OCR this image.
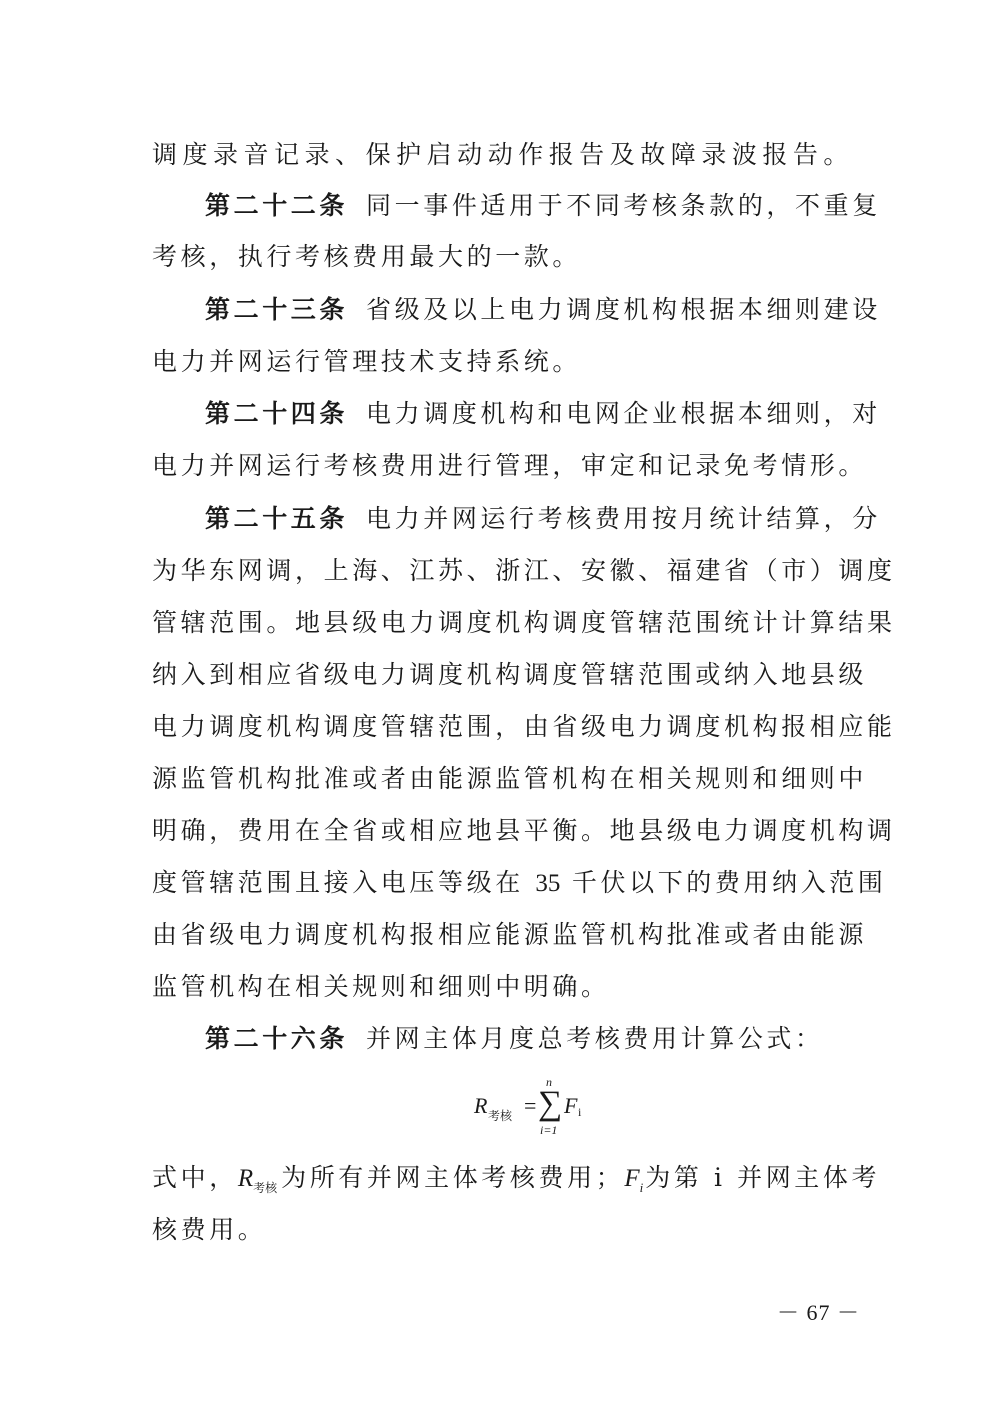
调度录音记录、保护启动动作报告及故障录波报告。
第二十二条 同一事件适用于不同考核条款的，不重复
考核，执行考核费用最大的一款。
第二十三条 省级及以上电力调度机构根据本细则建设
电力并网运行管理技术支持系统。
第二十四条 电力调度机构和电网企业根据本细则，对
电力并网运行考核费用进行管理，审定和记录免考情形。
第二十五条 电力并网运行考核费用按月统计结算，分
为华东网调，上海、江苏、浙江、安徽、福建省（市）调度
管辖范围。地县级电力调度机构调度管辖范围统计计算结果
纳入到相应省级电力调度机构调度管辖范围或纳入地县级
电力调度机构调度管辖范围，由省级电力调度机构报相应能
源监管机构批准或者由能源监管机构在相关规则和细则中
明确，费用在全省或相应地县平衡。地县级电力调度机构调
度管辖范围且接入电压等级在 35 千伏以下的费用纳入范围
由省级电力调度机构报相应能源监管机构批准或者由能源
监管机构在相关规则和细则中明确。
第二十六条 并网主体月度总考核费用计算公式：
R 考核 =
n
∑
i=1
F i
式中，$R_{考核}$ 为所有并网主体考核费用；$F_i$为第 i 并网主体考
核费用。
－ 67 －
